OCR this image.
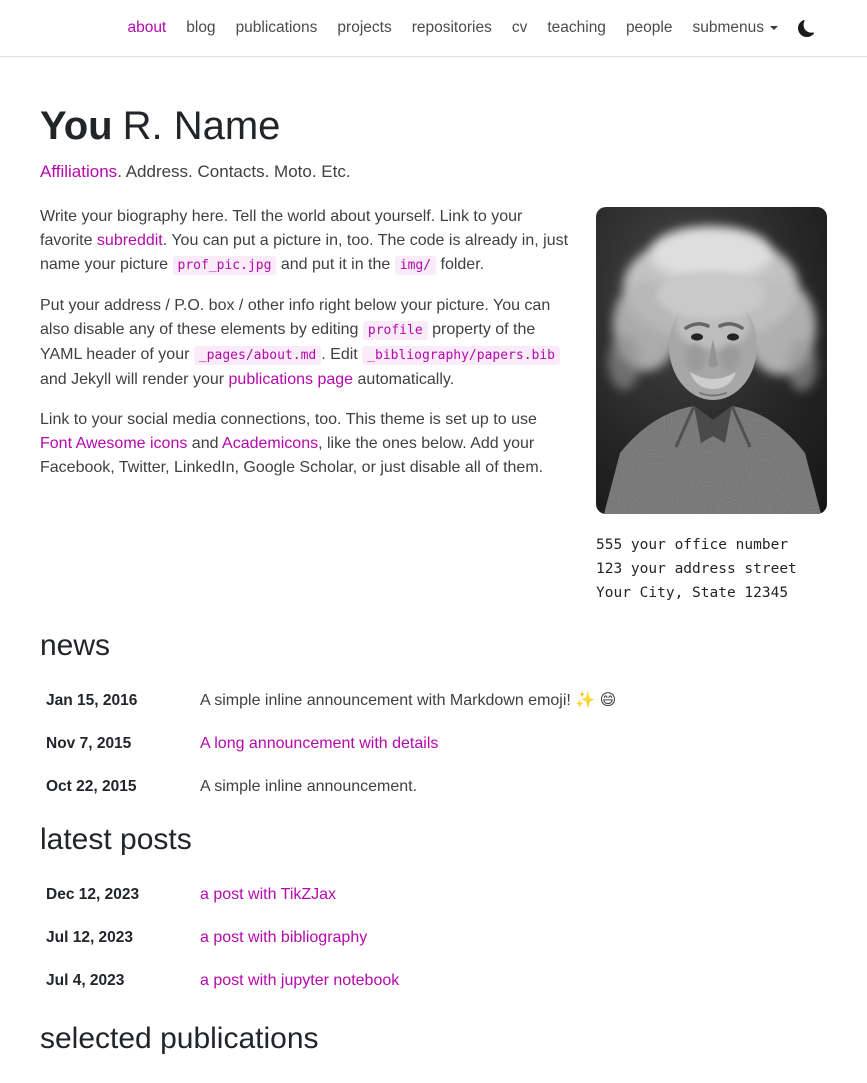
about	blog	publications	projects	repositories	cv	teaching	people	submenus
You R. Name

Affiliations. Address. Contacts. Moto. Etc.

555 your office number
123 your address street
Your City, State 12345

Write your biography here. Tell the world about yourself. Link to your favorite subreddit. You can put a picture in, too. The code is already in, just name your picture prof_pic.jpg and put it in the img/ folder.

Put your address / P.O. box / other info right below your picture. You can also disable any of these elements by editing profile property of the YAML header of your _pages/about.md . Edit _bibliography/papers.bib and Jekyll will render your publications page automatically.

Link to your social media connections, too. This theme is set up to use Font Awesome icons and Academicons, like the ones below. Add your Facebook, Twitter, LinkedIn, Google Scholar, or just disable all of them.

news
Jan 15, 2016	A simple inline announcement with Markdown emoji! ✨ 😄
Nov 7, 2015	A long announcement with details
Oct 22, 2015	A simple inline announcement.
latest posts
Dec 12, 2023	a post with TikZJax
Jul 12, 2023	a post with bibliography
Jul 4, 2023	a post with jupyter notebook
selected publications
